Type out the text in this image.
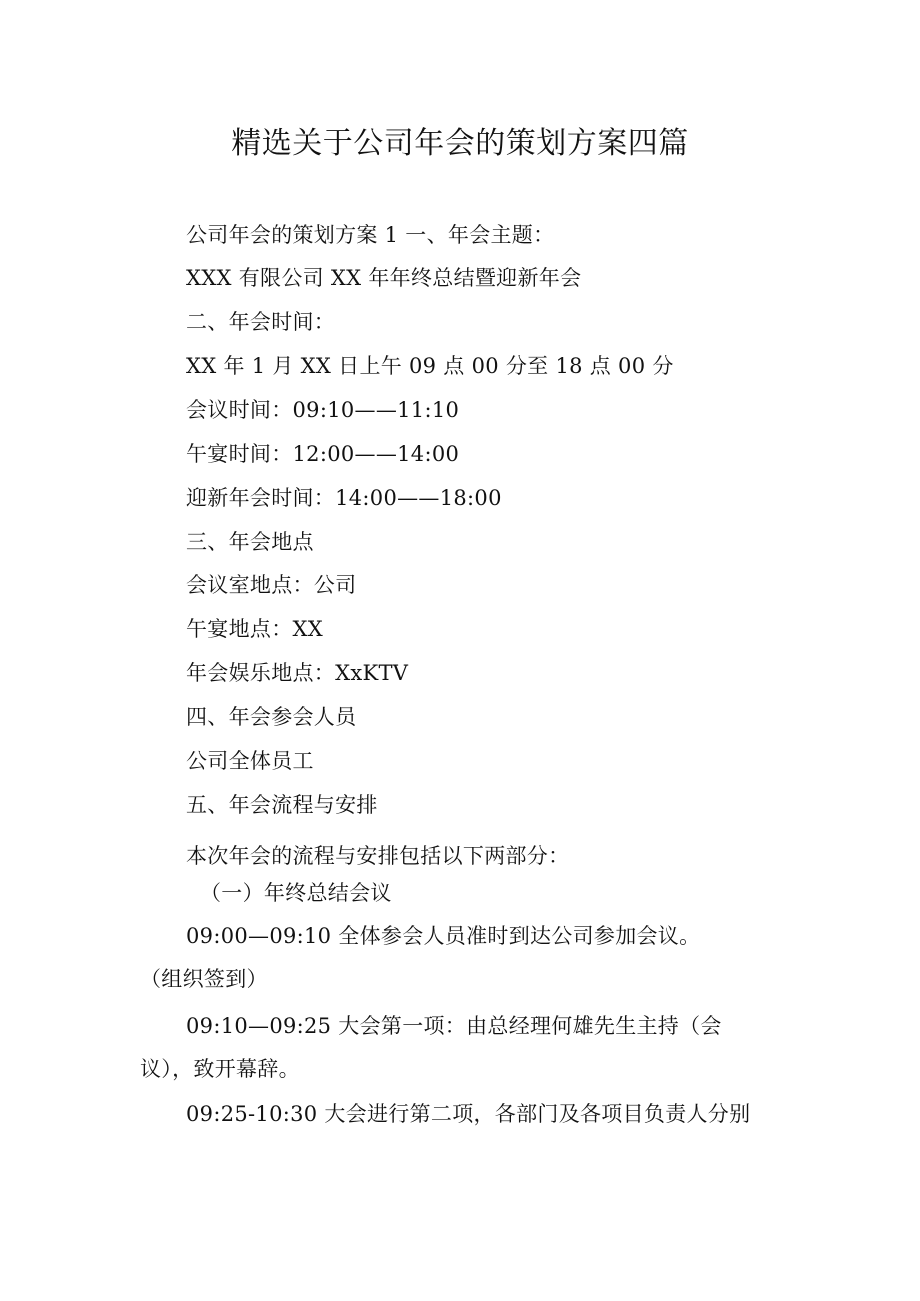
精选关于公司年会的策划方案四篇
公司年会的策划方案 1 一、年会主题：
XXX 有限公司 XX 年年终总结暨迎新年会
二、年会时间：
XX 年 1 月 XX 日上午 09 点 00 分至 18 点 00 分
会议时间：09:10——11:10
午宴时间：12:00——14:00
迎新年会时间：14:00——18:00
三、年会地点
会议室地点：公司
午宴地点：XX
年会娱乐地点：XxKTV
四、年会参会人员
公司全体员工
五、年会流程与安排
本次年会的流程与安排包括以下两部分：
（一）年终总结会议
09:00—09:10 全体参会人员准时到达公司参加会议。
（组织签到）
09:10—09:25 大会第一项：由总经理何雄先生主持（会
议），致开幕辞。
09:25-10:30 大会进行第二项，各部门及各项目负责人分别
